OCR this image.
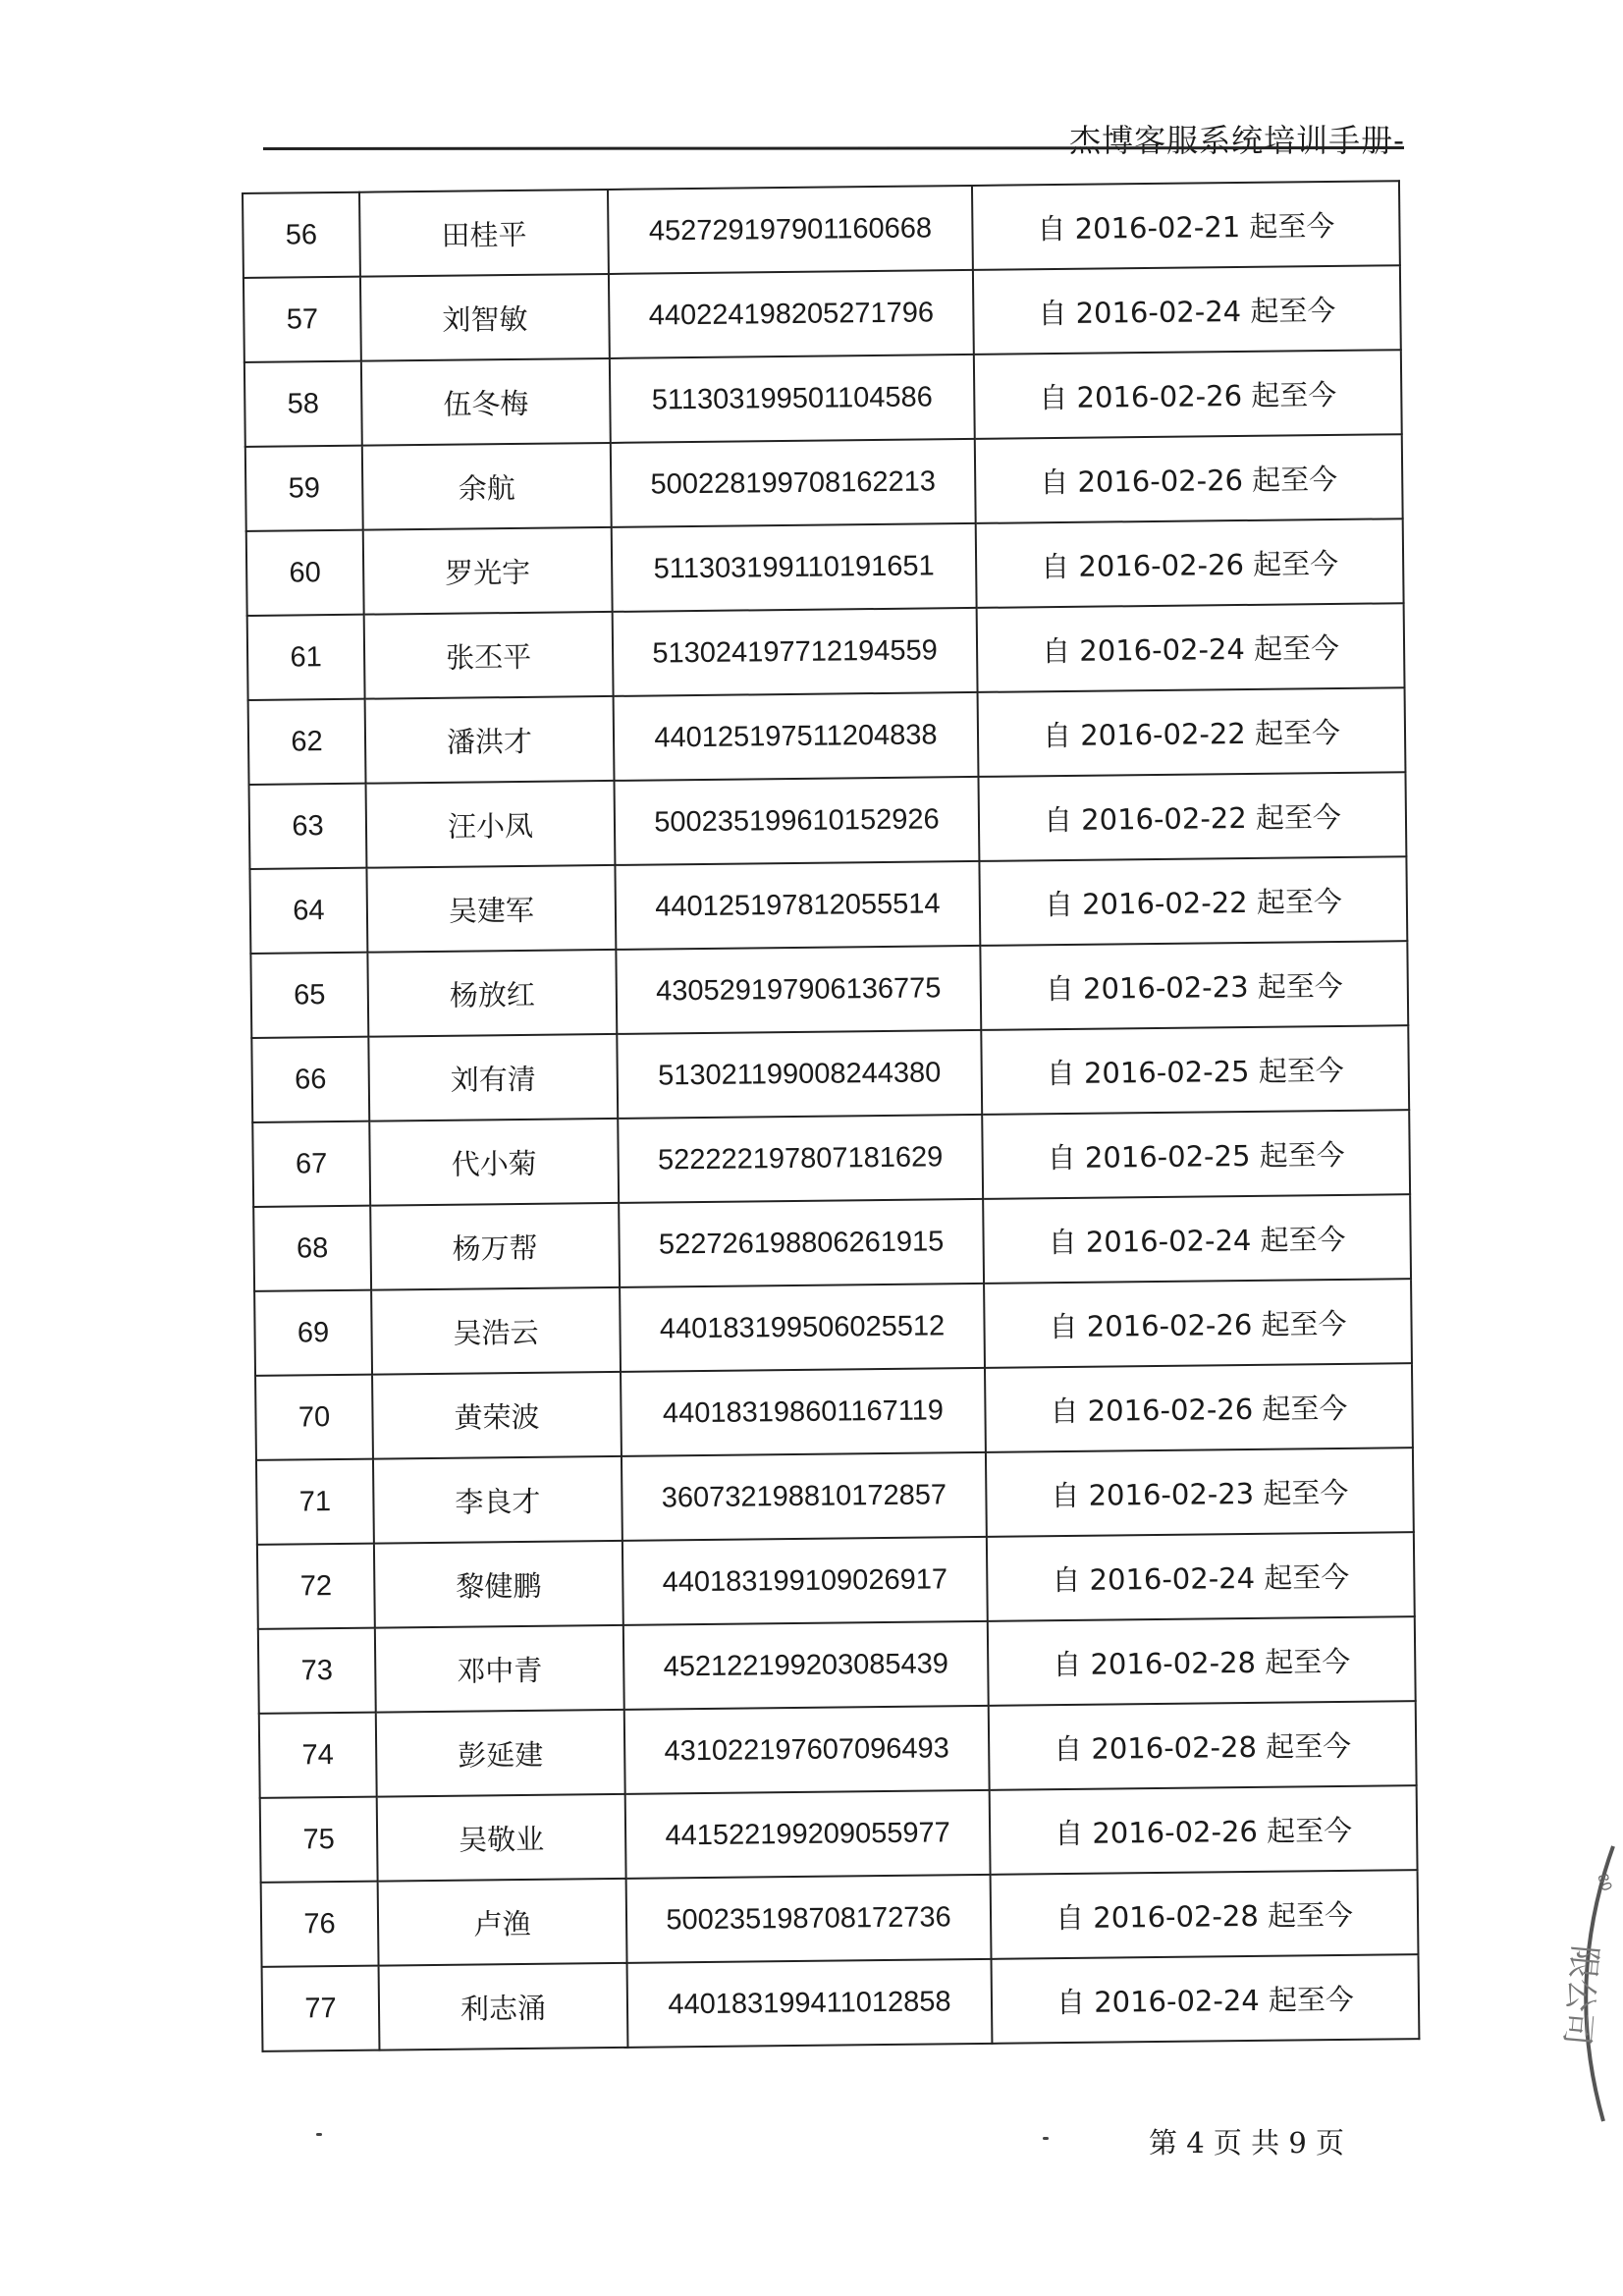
杰博客服系统培训手册-
56	田桂平	452729197901160668	自 2016-02-21 起至今
57	刘智敏	440224198205271796	自 2016-02-24 起至今
58	伍冬梅	511303199501104586	自 2016-02-26 起至今
59	余航	500228199708162213	自 2016-02-26 起至今
60	罗光宇	511303199110191651	自 2016-02-26 起至今
61	张丕平	513024197712194559	自 2016-02-24 起至今
62	潘洪才	440125197511204838	自 2016-02-22 起至今
63	汪小凤	500235199610152926	自 2016-02-22 起至今
64	吴建军	440125197812055514	自 2016-02-22 起至今
65	杨放红	430529197906136775	自 2016-02-23 起至今
66	刘有清	513021199008244380	自 2016-02-25 起至今
67	代小菊	522222197807181629	自 2016-02-25 起至今
68	杨万帮	522726198806261915	自 2016-02-24 起至今
69	吴浩云	440183199506025512	自 2016-02-26 起至今
70	黄荣波	440183198601167119	自 2016-02-26 起至今
71	李良才	360732198810172857	自 2016-02-23 起至今
72	黎健鹏	440183199109026917	自 2016-02-24 起至今
73	邓中青	452122199203085439	自 2016-02-28 起至今
74	彭延建	431022197607096493	自 2016-02-28 起至今
75	吴敬业	441522199209055977	自 2016-02-26 起至今
76	卢渔	500235198708172736	自 2016-02-28 起至今
77	利志涌	440183199411012858	自 2016-02-24 起至今
第 4 页 共 9 页
80
限公司
